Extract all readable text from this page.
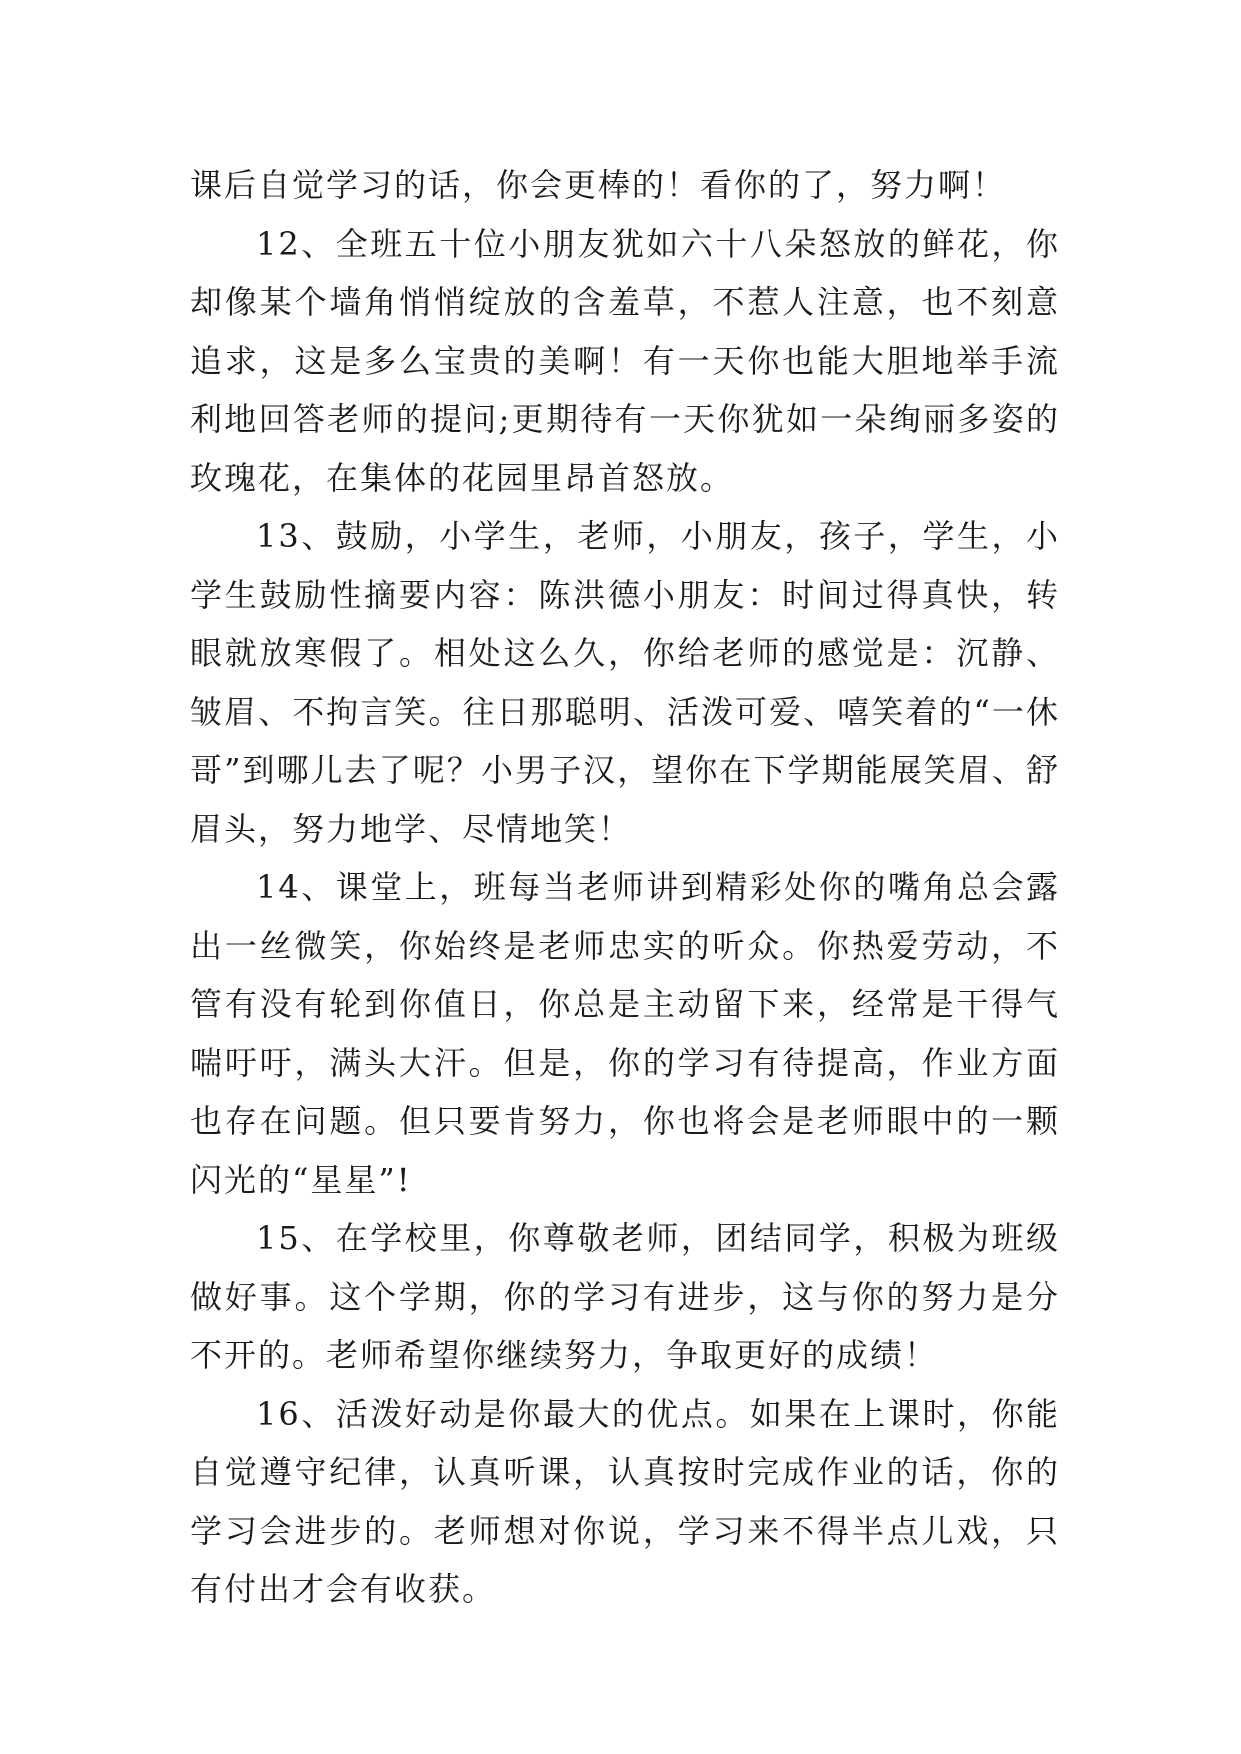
课后自觉学习的话，你会更棒的！看你的了，努力啊！

12、全班五十位小朋友犹如六十八朵怒放的鲜花，你却像某个墙角悄悄绽放的含羞草，不惹人注意，也不刻意追求，这是多么宝贵的美啊！有一天你也能大胆地举手流利地回答老师的提问;更期待有一天你犹如一朵绚丽多姿的玫瑰花，在集体的花园里昂首怒放。

13、鼓励，小学生，老师，小朋友，孩子，学生，小学生鼓励性摘要内容：陈洪德小朋友：时间过得真快，转眼就放寒假了。相处这么久，你给老师的感觉是：沉静、皱眉、不拘言笑。往日那聪明、活泼可爱、嘻笑着的“一休哥”到哪儿去了呢？小男子汉，望你在下学期能展笑眉、舒眉头，努力地学、尽情地笑！

14、课堂上，班每当老师讲到精彩处你的嘴角总会露出一丝微笑，你始终是老师忠实的听众。你热爱劳动，不管有没有轮到你值日，你总是主动留下来，经常是干得气喘吁吁，满头大汗。但是，你的学习有待提高，作业方面也存在问题。但只要肯努力，你也将会是老师眼中的一颗闪光的“星星”!

15、在学校里，你尊敬老师，团结同学，积极为班级做好事。这个学期，你的学习有进步，这与你的努力是分不开的。老师希望你继续努力，争取更好的成绩！

16、活泼好动是你最大的优点。如果在上课时，你能自觉遵守纪律，认真听课，认真按时完成作业的话，你的学习会进步的。老师想对你说，学习来不得半点儿戏，只有付出才会有收获。
